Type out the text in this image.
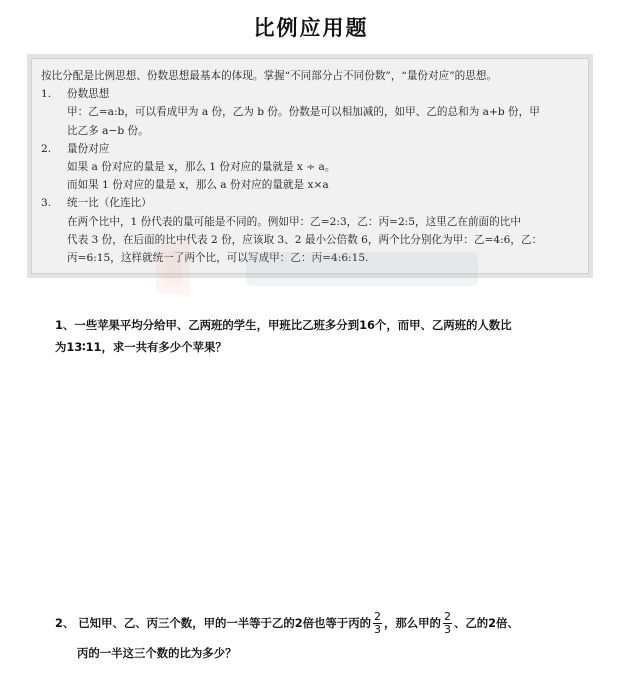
比例应用题
按比分配是比例思想、份数思想最基本的体现。掌握“不同部分占不同份数”，“量份对应”的思想。
1.	份数思想
甲：乙=a:b，可以看成甲为 a 份，乙为 b 份。份数是可以相加减的，如甲、乙的总和为 a+b 份，甲
比乙多 a−b 份。
2.	量份对应
如果 a 份对应的量是 x，那么 1 份对应的量就是 x ÷ a。
而如果 1 份对应的量是 x，那么 a 份对应的量就是 x×a
3.	统一比（化连比）
在两个比中，1 份代表的量可能是不同的。例如甲：乙=2:3，乙：丙=2:5，这里乙在前面的比中
代表 3 份，在后面的比中代表 2 份，应该取 3、2 最小公倍数 6，两个比分别化为甲：乙=4:6，乙：
丙=6:15，这样就统一了两个比，可以写成甲：乙：丙=4:6:15.
1、一些苹果平均分给甲、乙两班的学生，甲班比乙班多分到16个，而甲、乙两班的人数比
为13∶11，求一共有多少个苹果？
2、 已知甲、乙、丙三个数，甲的一半等于乙的2倍也等于丙的 $\frac{2}{3}$ ，那么甲的 $\frac{2}{3}$ 、乙的2倍、
丙的一半这三个数的比为多少？
